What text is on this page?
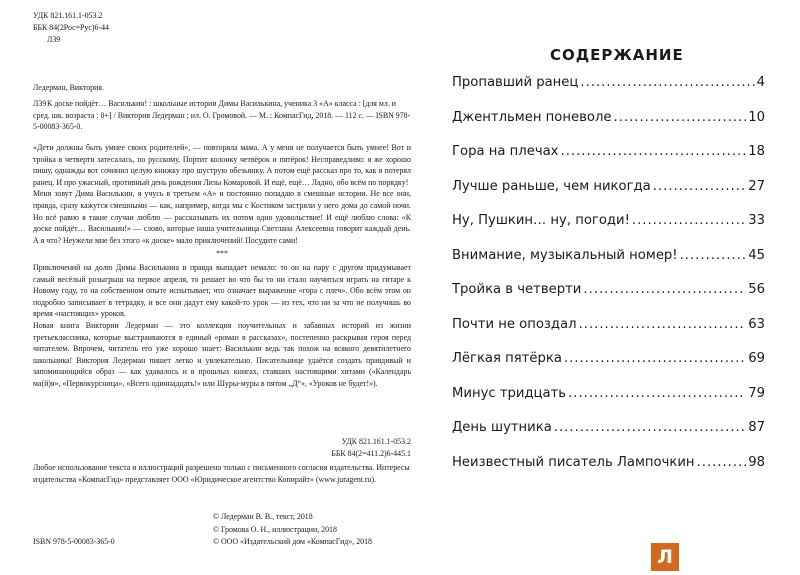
УДК 821.161.1-053.2
ББК 84(2Рос=Рус)6-44
Л39

Ледерман, Виктория.

Л39 К доске пойдёт… Василькин! : школьные истории Димы Василькина, ученика 3 «А» класса : [для мл. и сред. шк. возраста : 0+] / Виктория Ледерман ; ил. О. Громовой. — М. : КомпасГид, 2018. — 112 с. — ISBN 978-5-00083-365-0.

«Дети должны быть умнее своих родителей», — повторяла мама. А у меня не получается быть умнее! Вот и тройка в четверти затесалась, по русскому. Портит колонку четвёрок и пятёрок! Несправедливо: я же хорошо пишу, однажды вот сочинил целую книжку про шуструю обезьянку. А потом ещё рассказ про то, как я потерял ранец. И про ужасный, противный день рождения Лизы Комаровой. И ещё, ещё… Ладно, обо всём по порядку!

Меня зовут Дима Василькин, я учусь в третьем «А» и постоянно попадаю в смешные истории. Не все они, правда, сразу кажутся смешными — как, например, когда мы с Костиком застряли у него дома до самой ночи. Но всё равно я такие случаи люблю — рассказывать их потом одно удовольствие! И ещё люблю слова: «К доске пойдёт… Василькин!» — слово, которые наша учительница Светлана Алексеевна говорит каждый день. А я что? Неужели мне без этого «к доске» мало приключений! Посудите сами!

***

Приключений на долю Димы Василькина и правда выпадает немало: то он на пару с другом придумывает самый весёлый розыгрыш на первое апреля, то решает во что бы то ни стало научиться играть на гитаре к Новому году, то на собственном опыте испытывает, что означает выражение «гора с плеч». Обо всём этом он подробно записывает в тетрадку, и все они дадут ему какой-то урок — из тех, что ни за что не получишь во время «настоящих» уроков.

Новая книга Виктории Ледерман — это коллекция поучительных и забавных историй из жизни третьеклассника, которые выстраиваются в единый «роман в рассказах», постепенно раскрывая героя перед читателем. Впрочем, читатель его уже хорошо знает: Василькин ведь так похож на всякого девятилетнего школьника! Виктория Ледерман пишет легко и увлекательно. Писательнице удаётся создать правдивый и запоминающийся образ — как удавалось и в прошлых книгах, ставших настоящими хитами («Календарь ма(й)я», «Первокурсница», «Всего одиннадцать!» или Шуры-муры в пятом „Д“», «Уроков не будет!»).

УДК 821.161.1-053.2
ББК 84(2=411.2)6-445.1

Любое использование текста и иллюстраций разрешено только с письменного согласия издательства. Интересы издательства «КомпасГид» представляет ООО «Юридическое агентство Копирайт» (www.juragent.ru).

© Ледерман В. В., текст, 2018
© Громова О. Н., иллюстрации, 2018
© ООО «Издательский дом «КомпасГид», 2018
ISBN 978-5-00083-365-0
СОДЕРЖАНИЕ
Пропавший ранец .....	4
Джентльмен поневоле .....	10
Гора на плечах .....	18
Лучше раньше, чем никогда .....	27
Ну, Пушкин… ну, погоди! .....	33
Внимание, музыкальный номер! .....	45
Тройка в четверти .....	56
Почти не опоздал .....	63
Лёгкая пятёрка .....	69
Минус тридцать .....	79
День шутника .....	87
Неизвестный писатель Лампочкин .....	98
Л
